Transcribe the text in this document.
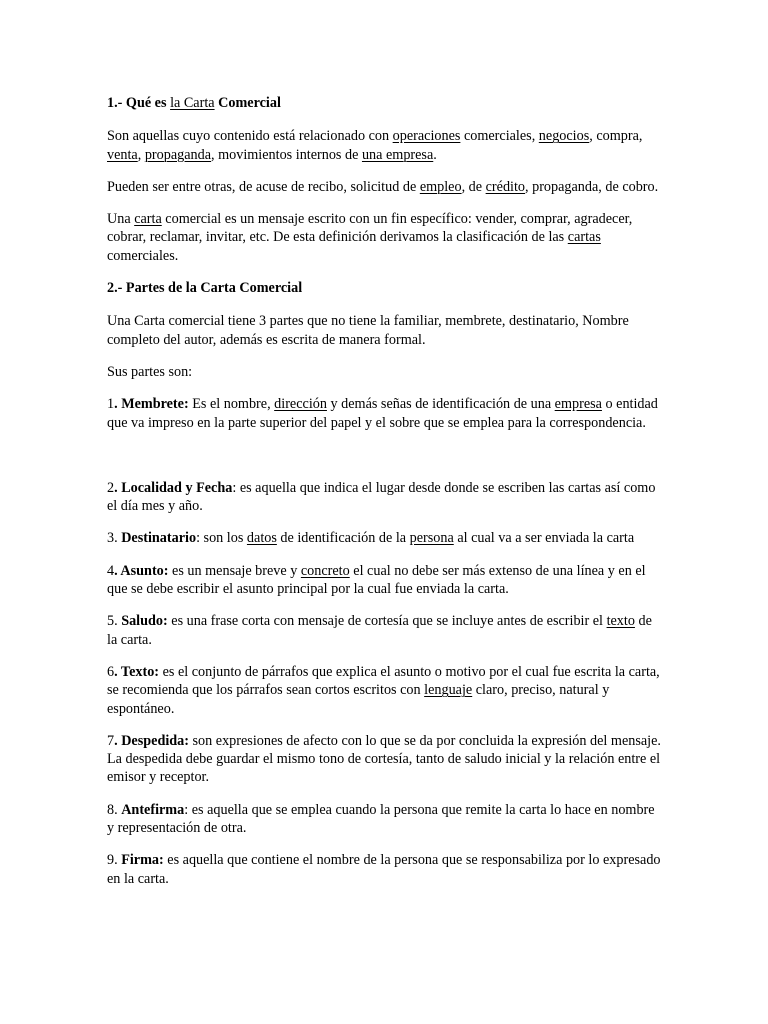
1.- Qué es la Carta Comercial

Son aquellas cuyo contenido está relacionado con operaciones comerciales, negocios, compra, venta, propaganda, movimientos internos de una empresa.

Pueden ser entre otras, de acuse de recibo, solicitud de empleo, de crédito, propaganda, de cobro.

Una carta comercial es un mensaje escrito con un fin específico: vender, comprar, agradecer, cobrar, reclamar, invitar, etc. De esta definición derivamos la clasificación de las cartas comerciales.

2.- Partes de la Carta Comercial

Una Carta comercial tiene 3 partes que no tiene la familiar, membrete, destinatario, Nombre completo del autor, además es escrita de manera formal.

Sus partes son:

1. Membrete: Es el nombre, dirección y demás señas de identificación de una empresa o entidad que va impreso en la parte superior del papel y el sobre que se emplea para la correspondencia.

2. Localidad y Fecha: es aquella que indica el lugar desde donde se escriben las cartas así como el día mes y año.

3. Destinatario: son los datos de identificación de la persona al cual va a ser enviada la carta

4. Asunto: es un mensaje breve y concreto el cual no debe ser más extenso de una línea y en el que se debe escribir el asunto principal por la cual fue enviada la carta.

5. Saludo: es una frase corta con mensaje de cortesía que se incluye antes de escribir el texto de la carta.

6. Texto: es el conjunto de párrafos que explica el asunto o motivo por el cual fue escrita la carta, se recomienda que los párrafos sean cortos escritos con lenguaje claro, preciso, natural y espontáneo.

7. Despedida: son expresiones de afecto con lo que se da por concluida la expresión del mensaje. La despedida debe guardar el mismo tono de cortesía, tanto de saludo inicial y la relación entre el emisor y receptor.

8. Antefirma: es aquella que se emplea cuando la persona que remite la carta lo hace en nombre y representación de otra.

9. Firma: es aquella que contiene el nombre de la persona que se responsabiliza por lo expresado en la carta.
